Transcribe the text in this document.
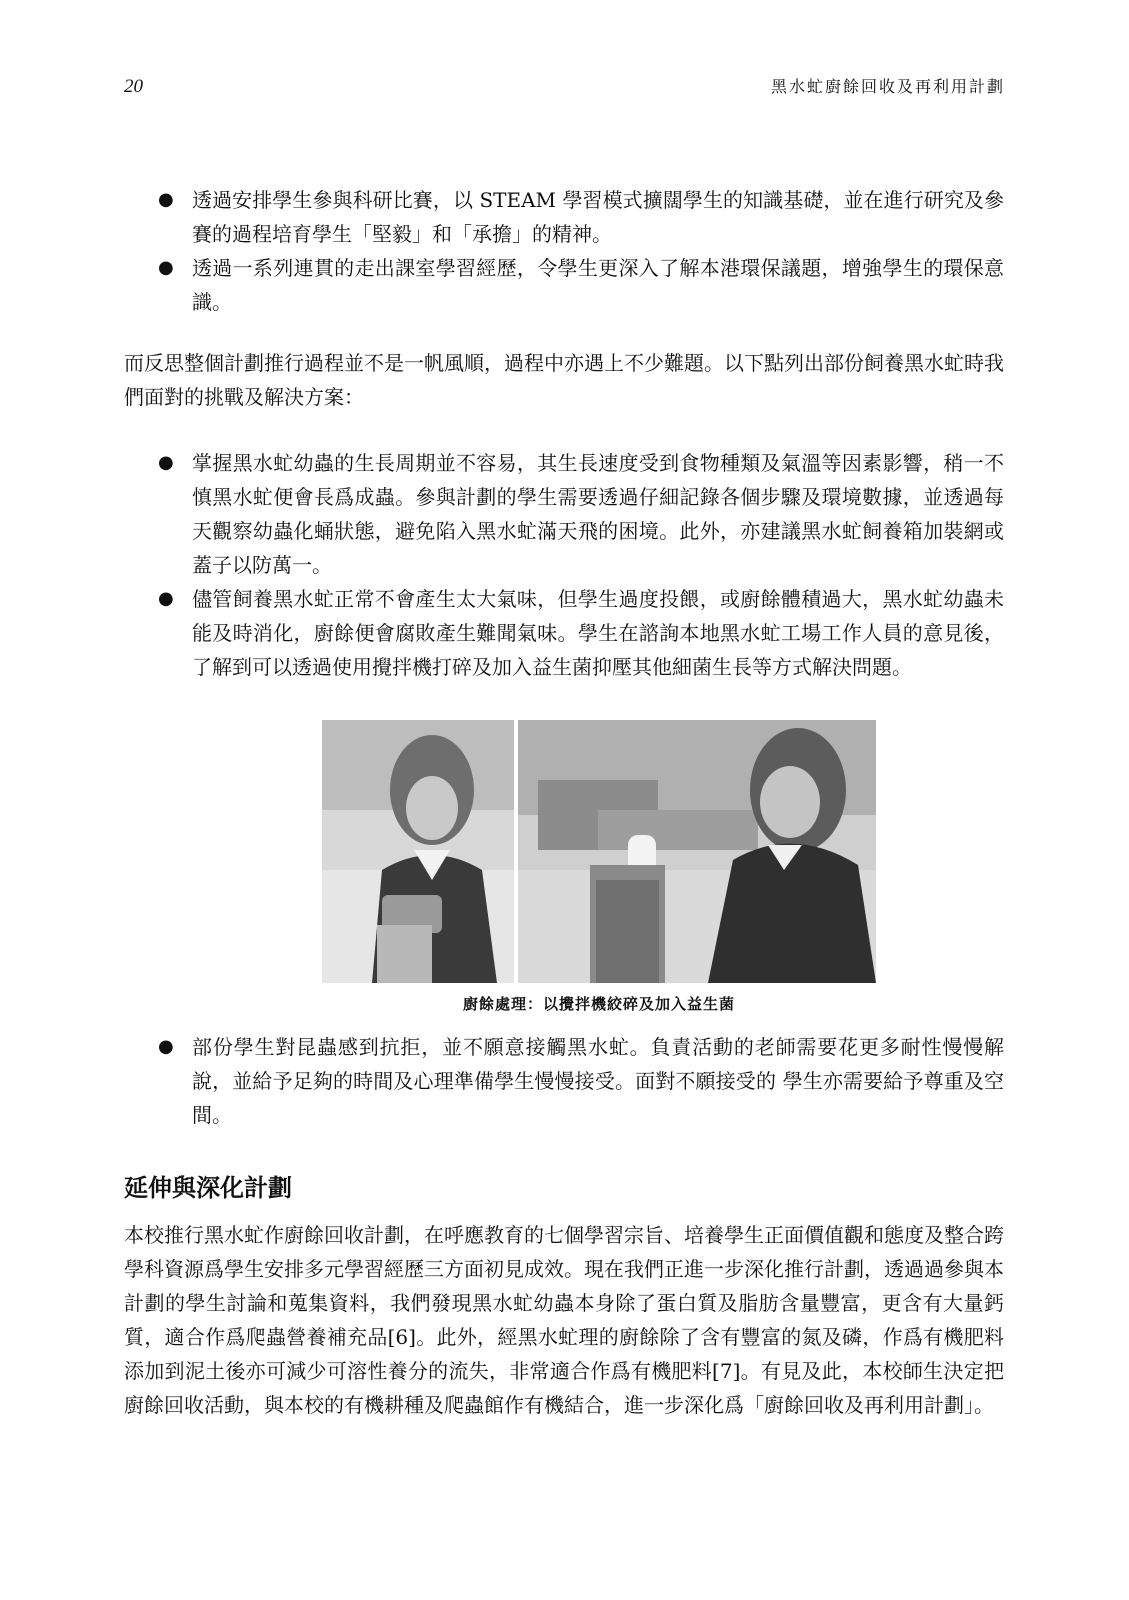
20	黑水虻廚餘回收及再利用計劃
● 透過安排學生參與科研比賽，以 STEAM 學習模式擴闊學生的知識基礎，並在進行研究及參賽的過程培育學生「堅毅」和「承擔」的精神。
● 透過一系列連貫的走出課室學習經歷，令學生更深入了解本港環保議題，增強學生的環保意識。

而反思整個計劃推行過程並不是一帆風順，過程中亦遇上不少難題。以下點列出部份飼養黑水虻時我們面對的挑戰及解決方案：

● 掌握黑水虻幼蟲的生長周期並不容易，其生長速度受到食物種類及氣溫等因素影響，稍一不慎黑水虻便會長爲成蟲。參與計劃的學生需要透過仔細記錄各個步驟及環境數據，並透過每天觀察幼蟲化蛹狀態，避免陷入黑水虻滿天飛的困境。此外，亦建議黑水虻飼養箱加裝網或蓋子以防萬一。
● 儘管飼養黑水虻正常不會產生太大氣味，但學生過度投餵，或廚餘體積過大，黑水虻幼蟲未能及時消化，廚餘便會腐敗產生難聞氣味。學生在諮詢本地黑水虻工場工作人員的意見後，了解到可以透過使用攪拌機打碎及加入益生菌抑壓其他細菌生長等方式解決問題。
廚餘處理：以攪拌機絞碎及加入益生菌
● 部份學生對昆蟲感到抗拒，並不願意接觸黑水虻。負責活動的老師需要花更多耐性慢慢解說，並給予足夠的時間及心理準備學生慢慢接受。面對不願接受的 學生亦需要給予尊重及空間。
延伸與深化計劃

本校推行黑水虻作廚餘回收計劃，在呼應教育的七個學習宗旨、培養學生正面價值觀和態度及整合跨學科資源爲學生安排多元學習經歷三方面初見成效。現在我們正進一步深化推行計劃，透過過參與本計劃的學生討論和蒐集資料，我們發現黑水虻幼蟲本身除了蛋白質及脂肪含量豐富，更含有大量鈣質，適合作爲爬蟲營養補充品[6]。此外，經黑水虻理的廚餘除了含有豐富的氮及磷，作爲有機肥料添加到泥土後亦可減少可溶性養分的流失，非常適合作爲有機肥料[7]。有見及此，本校師生決定把廚餘回收活動，與本校的有機耕種及爬蟲館作有機結合，進一步深化爲「廚餘回收及再利用計劃」。
